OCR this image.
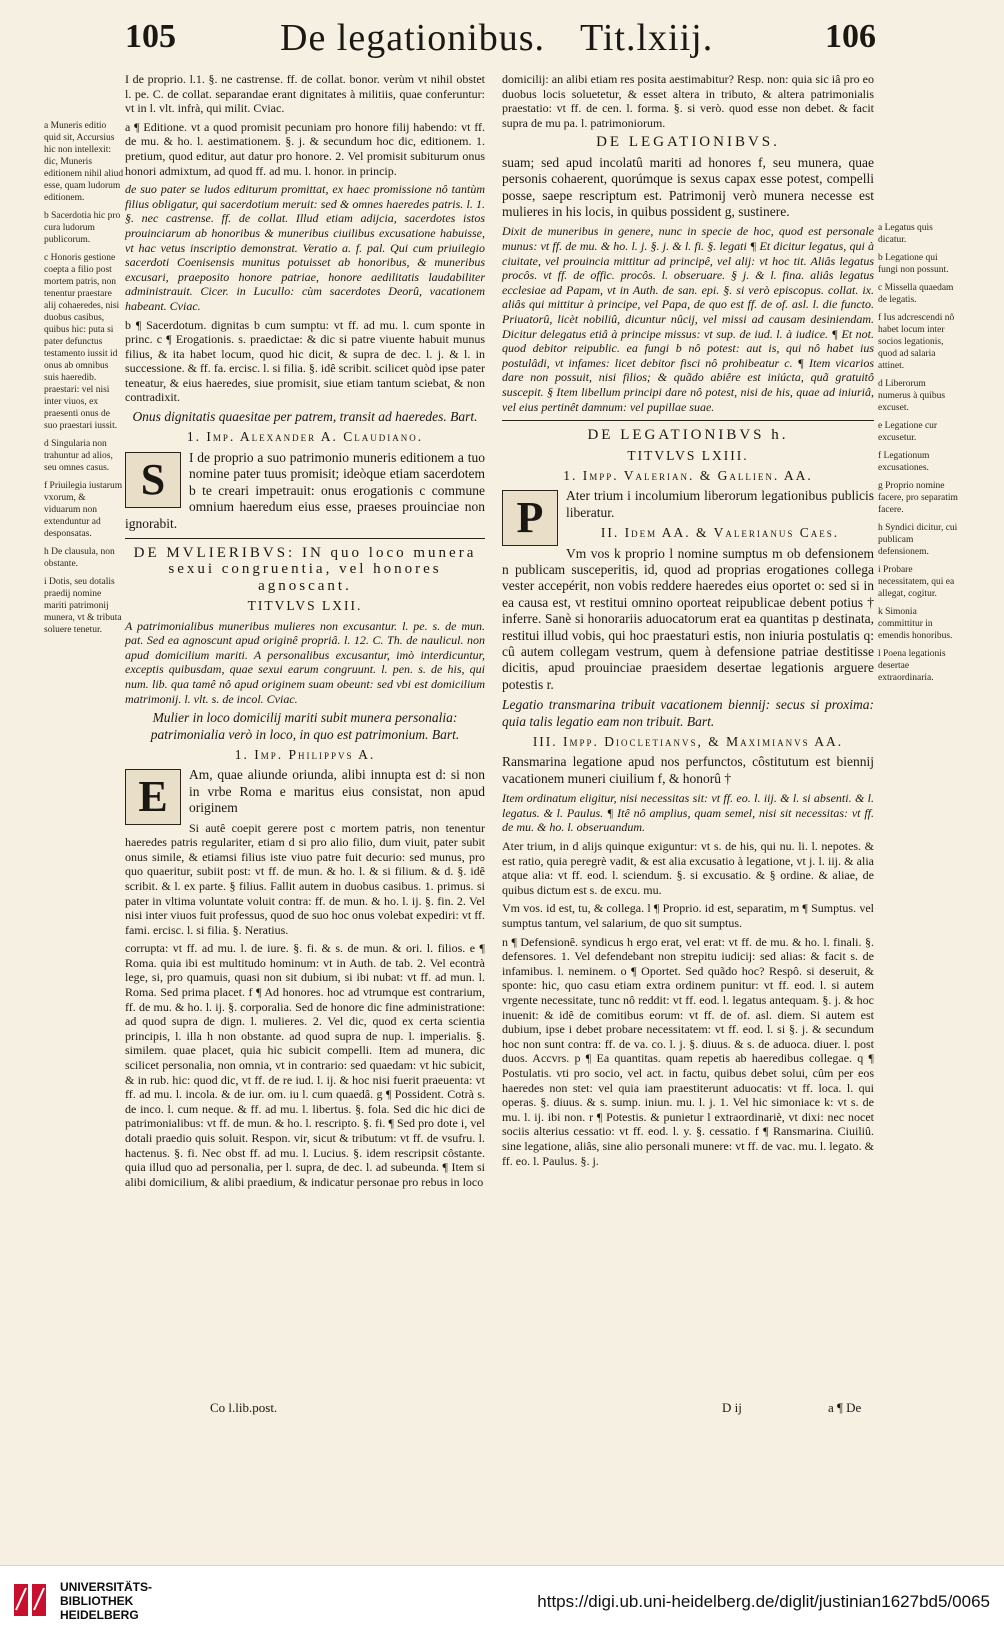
105	De legationibus. Tit.lxiij.	106

a Muneris editio quid sit, Accursius hic non intellexit: dic, Muneris editionem nihil aliud esse, quam ludorum editionem.

b Sacerdotia hic pro cura ludorum publicorum.

c Honoris gestione coepta a filio post mortem patris, non tenentur praestare alij cohaeredes, nisi duobus casibus, quibus hic: puta si pater defunctus testamento iussit id onus ab omnibus suis haeredib. praestari: vel nisi inter viuos, ex praesenti onus de suo praestari iussit.

d Singularia non trahuntur ad alios, seu omnes casus.

f Priuilegia iustarum vxorum, & viduarum non extenduntur ad desponsatas.

h De clausula, non obstante.

i Dotis, seu dotalis praedij nomine mariti patrimonij munera, vt & tributa soluere tenetur.

I de proprio. l.1. §. ne castrense. ff. de collat. bonor. verùm vt nihil obstet l. pe. C. de collat. separandae erant dignitates à militiis, quae conferuntur: vt in l. vlt. infrà, qui milit. Cviac.

a ¶ Editione. vt a quod promisit pecuniam pro honore filij habendo: vt ff. de mu. & ho. l. aestimationem. §. j. & secundum hoc dic, editionem. 1. pretium, quod editur, aut datur pro honore. 2. Vel promisit subiturum onus honori admixtum, ad quod ff. ad mu. l. honor. in princip.

de suo pater se ludos editurum promittat, ex haec promissione nô tantùm filius obligatur, qui sacerdotium meruit: sed & omnes haeredes patris. l. 1. §. nec castrense. ff. de collat. Illud etiam adijcia, sacerdotes istos prouinciarum ab honoribus & muneribus ciuilibus excusatione habuisse, vt hac vetus inscriptio demonstrat. Veratio a. f. pal. Qui cum priuilegio sacerdoti Coenisensis munitus potuisset ab honoribus, & muneribus excusari, praeposito honore patriae, honore aedilitatis laudabiliter administrauit. Cicer. in Lucullo: cùm sacerdotes Deorû, vacationem habeant. Cviac.

b ¶ Sacerdotum. dignitas b cum sumptu: vt ff. ad mu. l. cum sponte in princ. c ¶ Erogationis. s. praedictae: & dic si patre viuente habuit munus filius, & ita habet locum, quod hic dicit, & supra de dec. l. j. & l. in successione. & ff. fa. ercisc. l. si filia. §. idê scribit. scilicet quòd ipse pater teneatur, & eius haeredes, siue promisit, siue etiam tantum sciebat, & non contradixit.

Onus dignitatis quaesitae per patrem, transit ad haeredes. Bart.

1. Imp. Alexander A. Claudiano.

S	I de proprio a suo patrimonio muneris editionem a tuo nomine pater tuus promisit; ideòque etiam sacerdotem b te creari impetrauit: onus erogationis c commune omnium haeredum eius esse, praeses prouinciae non ignorabit.

DE MVLIERIBVS: IN quo loco munera sexui congruentia, vel honores agnoscant.

TITVLVS LXII.

A patrimonialibus muneribus mulieres non excusantur. l. pe. s. de mun. pat. Sed ea agnoscunt apud originê propriâ. l. 12. C. Th. de naulicul. non apud domicilium mariti. A personalibus excusantur, imò interdicuntur, exceptis quibusdam, quae sexui earum congruunt. l. pen. s. de his, qui num. lib. qua tamê nô apud originem suam obeunt: sed vbi est domicilium matrimonij. l. vlt. s. de incol. Cviac.

Mulier in loco domicilij mariti subit munera personalia: patrimonialia verò in loco, in quo est patrimonium. Bart.

1. Imp. Philippvs A.

E	Am, quae aliunde oriunda, alibi innupta est d: si non in vrbe Roma e maritus eius consistat, non apud originem

Si autê coepit gerere post c mortem patris, non tenentur haeredes patris regulariter, etiam d si pro alio filio, dum viuit, pater subit onus simile, & etiamsi filius iste viuo patre fuit decurio: sed munus, pro quo quaeritur, subiit post: vt ff. de mun. & ho. l. & si filium. & d. §. idê scribit. & l. ex parte. § filius. Fallit autem in duobus casibus. 1. primus. si pater in vltima voluntate voluit contra: ff. de mun. & ho. l. ij. §. fin. 2. Vel nisi inter viuos fuit professus, quod de suo hoc onus volebat expediri: vt ff. fami. ercisc. l. si filia. §. Neratius.

corrupta: vt ff. ad mu. l. de iure. §. fi. & s. de mun. & ori. l. filios. e ¶ Roma. quia ibi est multitudo hominum: vt in Auth. de tab. 2. Vel econtrà lege, si, pro quamuis, quasi non sit dubium, si ibi nubat: vt ff. ad mun. l. Roma. Sed prima placet. f ¶ Ad honores. hoc ad vtrumque est contrarium, ff. de mu. & ho. l. ij. §. corporalia. Sed de honore dic fine administratione: ad quod supra de dign. l. mulieres. 2. Vel dic, quod ex certa scientia principis, l. illa h non obstante. ad quod supra de nup. l. imperialis. §. similem. quae placet, quia hic subicit compelli. Item ad munera, dic scilicet personalia, non omnia, vt in contrario: sed quaedam: vt hic subicit, & in rub. hic: quod dic, vt ff. de re iud. l. ij. & hoc nisi fuerit praeuenta: vt ff. ad mu. l. incola. & de iur. om. iu l. cum quaedâ. g ¶ Possident. Cotrà s. de inco. l. cum neque. & ff. ad mu. l. libertus. §. fola. Sed dic hic dici de patrimonialibus: vt ff. de mun. & ho. l. rescripto. §. fi. ¶ Sed pro dote i, vel dotali praedio quis soluit. Respon. vir, sicut & tributum: vt ff. de vsufru. l. hactenus. §. fi. Nec obst ff. ad mu. l. Lucius. §. idem rescripsit côstante. quia illud quo ad personalia, per l. supra, de dec. l. ad subeunda. ¶ Item si alibi domicilium, & alibi praedium, & indicatur personae pro rebus in loco

domicilij: an alibi etiam res posita aestimabitur? Resp. non: quia sic iâ pro eo duobus locis soluetetur, & esset altera in tributo, & altera patrimonialis praestatio: vt ff. de cen. l. forma. §. si verò. quod esse non debet. & facit supra de mu pa. l. patrimoniorum.

DE LEGATIONIBVS.

suam; sed apud incolatû mariti ad honores f, seu munera, quae personis cohaerent, quorúmque is sexus capax esse potest, compelli posse, saepe rescriptum est. Patrimonij verò munera necesse est mulieres in his locis, in quibus possident g, sustinere.

Dixit de muneribus in genere, nunc in specie de hoc, quod est personale munus: vt ff. de mu. & ho. l. j. §. j. & l. fi. §. legati ¶ Et dicitur legatus, qui à ciuitate, vel prouincia mittitur ad principê, vel alij: vt hoc tit. Aliâs legatus procôs. vt ff. de offic. procôs. l. obseruare. § j. & l. fina. aliâs legatus ecclesiae ad Papam, vt in Auth. de san. epi. §. si verò episcopus. collat. ix. aliâs qui mittitur à principe, vel Papa, de quo est ff. de of. asl. l. die functo. Priuatorû, licèt nobiliû, dicuntur nûcij, vel missi ad causam desiniendam. Dicitur delegatus etiâ à principe missus: vt sup. de iud. l. à iudice. ¶ Et not. quod debitor reipublic. ea fungi b nô potest: aut is, qui nô habet ius postulâdi, vt infames: licet debitor fisci nô prohibeatur c. ¶ Item vicarios dare non possuit, nisi filios; & quãdo abiêre est iniúcta, quã gratuitô suscepit. § Item libellum principi dare nô potest, nisi de his, quae ad iniuriâ, vel eius pertinêt damnum: vel pupillae suae.

DE LEGATIONIBVS h.

TITVLVS LXIII.

1. Impp. Valerian. & Gallien. AA.

P	Ater trium i incolumium liberorum legationibus publicis liberatur.

II. Idem AA. & Valerianus Caes.

Vm vos k proprio l nomine sumptus m ob defensionem n publicam susceperitis, id, quod ad proprias erogationes collega vester accepérit, non vobis reddere haeredes eius oportet o: sed si in ea causa est, vt restitui omnino oporteat reipublicae debent potius † inferre. Sanè si honorariis aduocatorum erat ea quantitas p destinata, restitui illud vobis, qui hoc praestaturi estis, non iniuria postulatis q: cû autem collegam vestrum, quem à defensione patriae destitisse dicitis, apud prouinciae praesidem desertae legationis arguere potestis r.

Legatio transmarina tribuit vacationem biennij: secus si proxima: quia talis legatio eam non tribuit. Bart.

III. Impp. Diocletianvs, & Maximianvs AA.

Ransmarina legatione apud nos perfunctos, côstitutum est biennij vacationem muneri ciuilium f, & honorû †

Item ordinatum eligitur, nisi necessitas sit: vt ff. eo. l. iij. & l. si absenti. & l. legatus. & l. Paulus. ¶ Itê nô amplius, quam semel, nisi sit necessitas: vt ff. de mu. & ho. l. obseruandum.

Ater trium, in d alijs quinque exiguntur: vt s. de his, qui nu. li. l. nepotes. & est ratio, quia peregrè vadit, & est alia excusatio à legatione, vt j. l. iij. & alia atque alia: vt ff. eod. l. sciendum. §. si excusatio. & § ordine. & aliae, de quibus dictum est s. de excu. mu.

Vm vos. id est, tu, & collega. l ¶ Proprio. id est, separatim, m ¶ Sumptus. vel sumptus tantum, vel salarium, de quo sit sumptus.

n ¶ Defensionê. syndicus h ergo erat, vel erat: vt ff. de mu. & ho. l. finali. §. defensores. 1. Vel defendebant non strepitu iudicij: sed alias: & facit s. de infamibus. l. neminem. o ¶ Oportet. Sed quãdo hoc? Respô. si deseruit, & sponte: hic, quo casu etiam extra ordinem punitur: vt ff. eod. l. si autem vrgente necessitate, tunc nô reddit: vt ff. eod. l. legatus antequam. §. j. & hoc inuenit: & idê de comitibus eorum: vt ff. de of. asl. diem. Si autem est dubium, ipse i debet probare necessitatem: vt ff. eod. l. si §. j. & secundum hoc non sunt contra: ff. de va. co. l. j. §. diuus. & s. de aduoca. diuer. l. post duos. Accvrs. p ¶ Ea quantitas. quam repetis ab haeredibus collegae. q ¶ Postulatis. vti pro socio, vel act. in factu, quibus debet solui, cûm per eos haeredes non stet: vel quia iam praestiterunt aduocatis: vt ff. loca. l. qui operas. §. diuus. & s. sump. iniun. mu. l. j. 1. Vel hic simoniace k: vt s. de mu. l. ij. ibi non. r ¶ Potestis. & punietur l extraordinariè, vt dixi: nec nocet sociis alterius cessatio: vt ff. eod. l. y. §. cessatio. f ¶ Ransmarina. Ciuiliû. sine legatione, aliâs, sine alio personali munere: vt ff. de vac. mu. l. legato. & ff. eo. l. Paulus. §. j.

a Legatus quis dicatur.

b Legatione qui fungi non possunt.

c Missella quaedam de legatis.

f Ius adcrescendi nô habet locum inter socios legationis, quod ad salaria attinet.

d Liberorum numerus à quibus excuset.

e Legatione cur excusetur.

f Legationum excusationes.

g Proprio nomine facere, pro separatim facere.

h Syndici dicitur, cui publicam defensionem.

i Probare necessitatem, qui ea allegat, cogitur.

k Simonia committitur in emendis honoribus.

l Poena legationis desertae extraordinaria.

Co l.lib.post.	D ij	a ¶ De
UNIVERSITÄTS-
BIBLIOTHEK
HEIDELBERG
https://digi.ub.uni-heidelberg.de/diglit/justinian1627bd5/0065
